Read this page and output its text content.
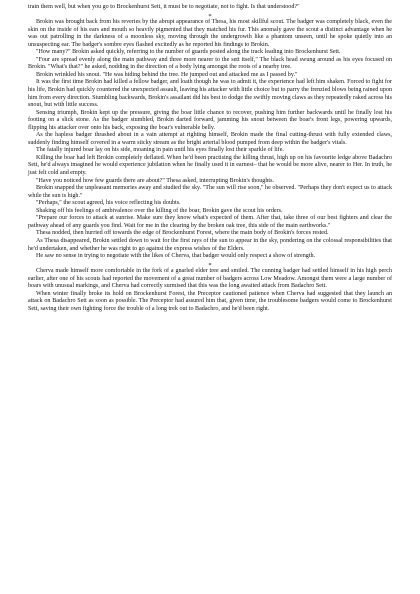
train them well, but when you go to Brockenhurst Sett, it must be to negotiate, not to fight. Is that understood?"

*

Brokin was brought back from his reveries by the abrupt appearance of Thesa, his most skillful scout. The badger was completely black, even the skin on the inside of his ears and mouth so heavily pigmented that they matched his fur. This anomaly gave the scout a distinct advantage when he was out patrolling in the darkness of a moonless sky, moving through the undergrowth like a phantom unseen, until he spoke quietly into an unsuspecting ear. The badger's sombre eyes flashed excitedly as he reported his findings to Brokin.

"How many?" Brokin asked quickly, referring to the number of guards posted along the track leading into Brockenhurst Sett.

"Four are spread evenly along the main pathway and three more nearer to the sett itself," The black head swung around as his eyes focused on Brokin. "What's that?" he asked, nodding in the direction of a body lying amongst the roots of a nearby tree.

Brokin wrinkled his snout. "He was hiding behind the tree. He jumped out and attacked me as I passed by."

It was the first time Brokin had killed a fellow badger, and loath though he was to admit it, the experience had left him shaken. Forced to fight for his life, Brokin had quickly countered the unexpected assault, leaving his attacker with little choice but to parry the frenzied blows being rained upon him from every direction. Stumbling backwards, Brokin's assailant did his best to dodge the swiftly moving claws as they repeatedly raked across his snout, but with little success.

Sensing triumph, Brokin kept up the pressure, giving the boar little chance to recover, pushing him further backwards until he finally lost his footing on a slick stone. As the badger stumbled, Brokin darted forward, jamming his snout between the boar's front legs, powering upwards, flipping his attacker over onto his back, exposing the boar's vulnerable belly.

As the hapless badger thrashed about in a vain attempt at righting himself, Brokin made the final cutting-thrust with fully extended claws, suddenly finding himself covered in a warm sticky stream as the bright arterial blood pumped from deep within the badger's vitals.

The fatally injured boar lay on his side, moaning in pain until his eyes finally lost their sparkle of life.

Killing the boar had left Brokin completely deflated. When he'd been practising the killing thrust, high up on his favourite ledge above Badachro Sett, he'd always imagined he would experience jubilation when he finally used it in earnest– that he would be more alive, nearer to Her. In truth, he just felt cold and empty.

"Have you noticed how few guards there are about?" Thesa asked, interrupting Brokin's thoughts.

Brokin snapped the unpleasant memories away and studied the sky. "The sun will rise soon," he observed. "Perhaps they don't expect us to attack while the sun is high."

"Perhaps," the scout agreed, his voice reflecting his doubts.

Shaking off his feelings of ambivalence over the killing of the boar, Brokin gave the scout his orders.

"Prepare our forces to attack at sunrise. Make sure they know what's expected of them. After that, take three of our best fighters and clear the pathway ahead of any guards you find. Wait for me in the clearing by the broken oak tree, this side of the main earthworks."

Thesa nodded, then hurried off towards the edge of Brockenhurst Forest, where the main body of Brokin's forces rested.

As Thesa disappeared, Brokin settled down to wait for the first rays of the sun to appear in the sky, pondering on the colossal responsibilities that he'd undertaken, and whether he was right to go against the express wishes of the Elders.

He saw no sense in trying to negotiate with the likes of Cherva, that badger would only respect a show of strength.

*

Cherva made himself more comfortable in the fork of a gnarled elder tree and smiled. The cunning badger had settled himself in his high perch earlier, after one of his scouts had reported the movement of a great number of badgers across Low Meadow. Amongst them were a large number of boars with unusual markings, and Cherva had correctly surmised that this was the long awaited attack from Badachro Sett.

When winter finally broke its hold on Brockenhurst Forest, the Preceptor cautioned patience when Cherva had suggested that they launch an attack on Badachro Sett as soon as possible. The Preceptor had assured him that, given time, the troublesome badgers would come to Brockenhurst Sett, saving their own fighting force the trouble of a long trek out to Badachro, and he'd been right.
